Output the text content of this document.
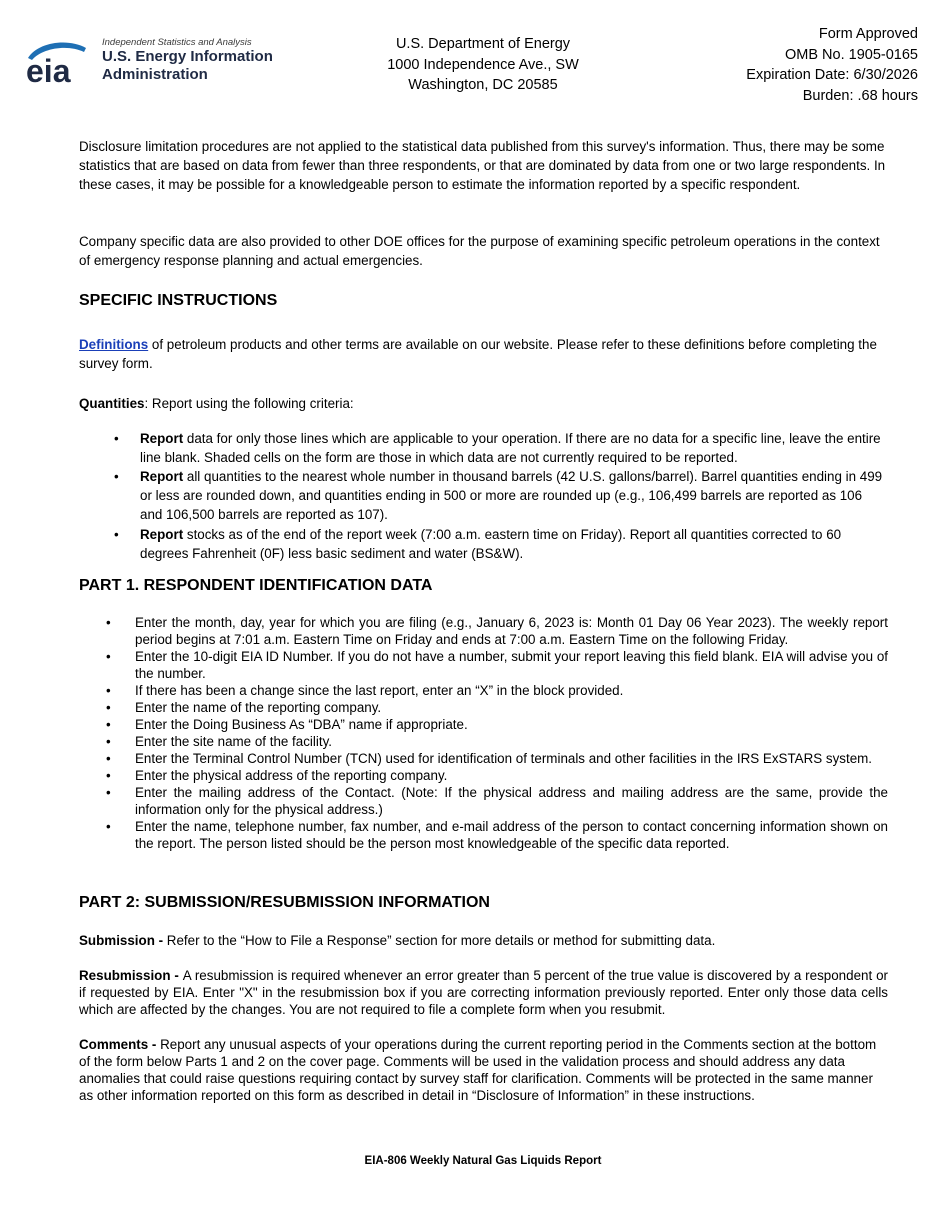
eia
Independent Statistics and Analysis
U.S. Energy Information
Administration
U.S. Department of Energy
1000 Independence Ave., SW
Washington, DC 20585
Form Approved
OMB No. 1905-0165
Expiration Date: 6/30/2026
Burden: .68 hours

Disclosure limitation procedures are not applied to the statistical data published from this survey's information. Thus, there may be some statistics that are based on data from fewer than three respondents, or that are dominated by data from one or two large respondents. In these cases, it may be possible for a knowledgeable person to estimate the information reported by a specific respondent.

Company specific data are also provided to other DOE offices for the purpose of examining specific petroleum operations in the context of emergency response planning and actual emergencies.

SPECIFIC INSTRUCTIONS

Definitions of petroleum products and other terms are available on our website. Please refer to these definitions before completing the survey form.

Quantities: Report using the following criteria:

• Report data for only those lines which are applicable to your operation. If there are no data for a specific line, leave the entire line blank. Shaded cells on the form are those in which data are not currently required to be reported.
• Report all quantities to the nearest whole number in thousand barrels (42 U.S. gallons/barrel). Barrel quantities ending in 499 or less are rounded down, and quantities ending in 500 or more are rounded up (e.g., 106,499 barrels are reported as 106 and 106,500 barrels are reported as 107).
• Report stocks as of the end of the report week (7:00 a.m. eastern time on Friday). Report all quantities corrected to 60 degrees Fahrenheit (0F) less basic sediment and water (BS&W).
PART 1. RESPONDENT IDENTIFICATION DATA
• Enter the month, day, year for which you are filing (e.g., January 6, 2023 is: Month 01 Day 06 Year 2023). The weekly report period begins at 7:01 a.m. Eastern Time on Friday and ends at 7:00 a.m. Eastern Time on the following Friday.
• Enter the 10-digit EIA ID Number. If you do not have a number, submit your report leaving this field blank. EIA will advise you of the number.
• If there has been a change since the last report, enter an “X” in the block provided.
• Enter the name of the reporting company.
• Enter the Doing Business As “DBA” name if appropriate.
• Enter the site name of the facility.
• Enter the Terminal Control Number (TCN) used for identification of terminals and other facilities in the IRS ExSTARS system.
• Enter the physical address of the reporting company.
• Enter the mailing address of the Contact. (Note: If the physical address and mailing address are the same, provide the information only for the physical address.)
• Enter the name, telephone number, fax number, and e-mail address of the person to contact concerning information shown on the report. The person listed should be the person most knowledgeable of the specific data reported.
PART 2: SUBMISSION/RESUBMISSION INFORMATION

Submission - Refer to the “How to File a Response” section for more details or method for submitting data.

Resubmission - A resubmission is required whenever an error greater than 5 percent of the true value is discovered by a respondent or if requested by EIA. Enter "X" in the resubmission box if you are correcting information previously reported. Enter only those data cells which are affected by the changes. You are not required to file a complete form when you resubmit.

Comments - Report any unusual aspects of your operations during the current reporting period in the Comments section at the bottom of the form below Parts 1 and 2 on the cover page. Comments will be used in the validation process and should address any data anomalies that could raise questions requiring contact by survey staff for clarification. Comments will be protected in the same manner as other information reported on this form as described in detail in “Disclosure of Information” in these instructions.

EIA-806 Weekly Natural Gas Liquids Report
